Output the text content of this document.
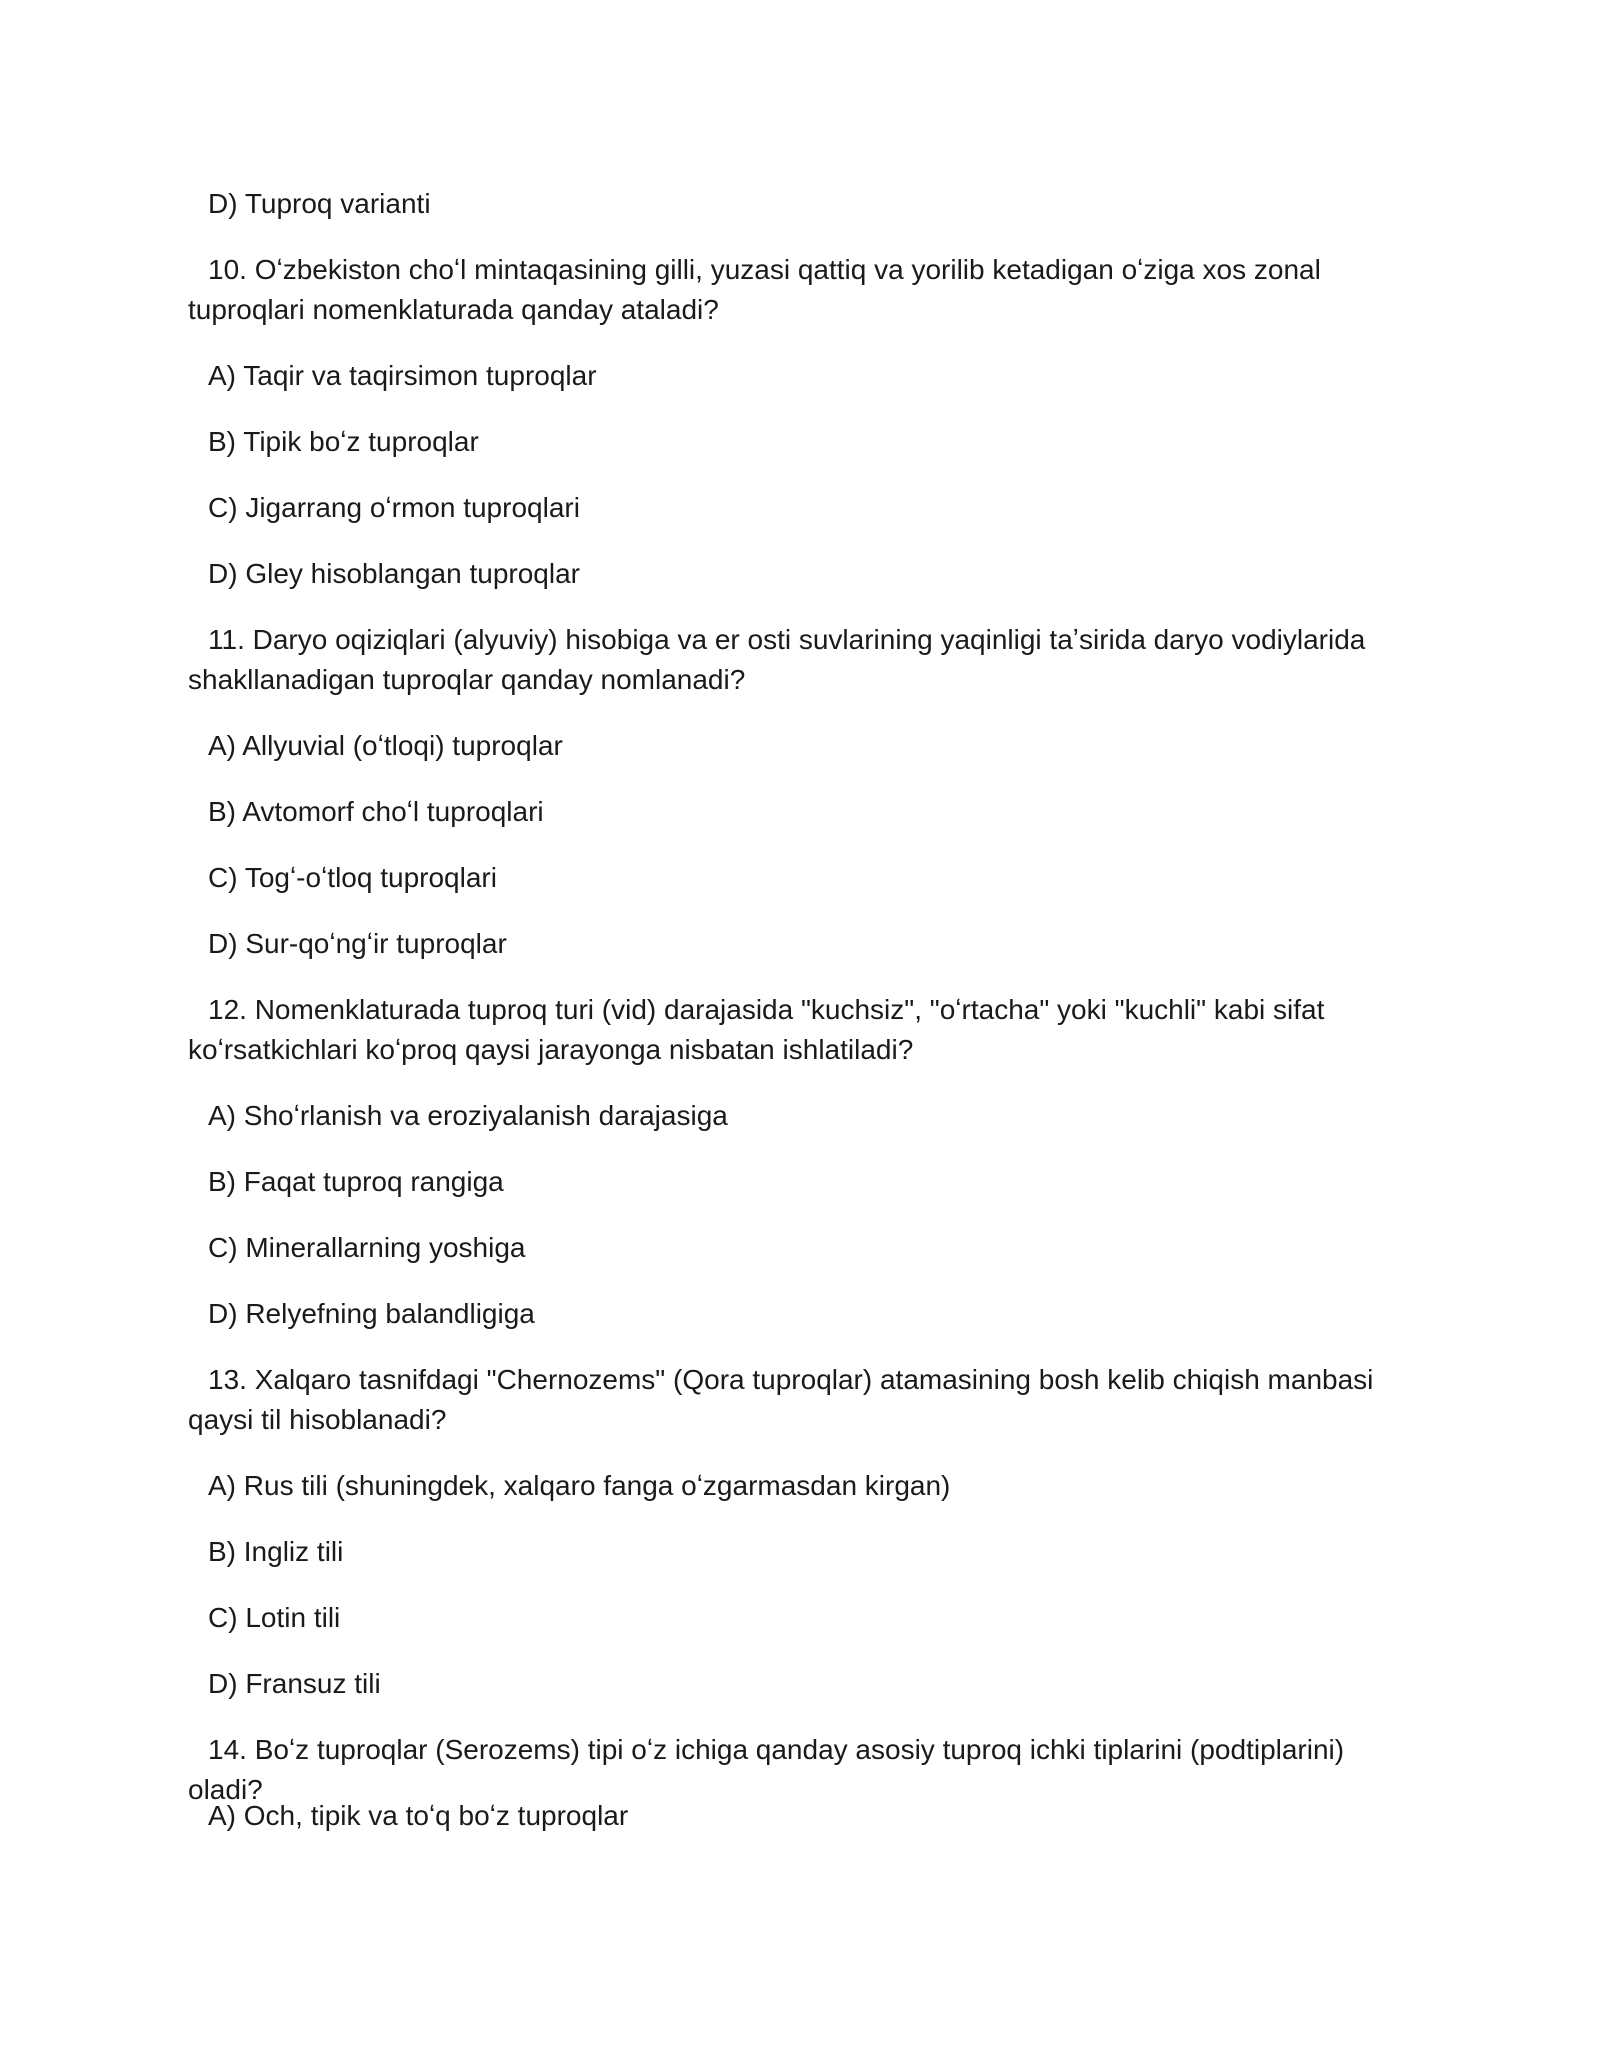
D) Tuproq varianti
10. Oʻzbekiston choʻl mintaqasining gilli, yuzasi qattiq va yorilib ketadigan oʻziga xos zonal tuproqlari nomenklaturada qanday ataladi?
A) Taqir va taqirsimon tuproqlar
B) Tipik boʻz tuproqlar
C) Jigarrang oʻrmon tuproqlari
D) Gley hisoblangan tuproqlar
11. Daryo oqiziqlari (alyuviy) hisobiga va er osti suvlarining yaqinligi taʼsirida daryo vodiylarida shakllanadigan tuproqlar qanday nomlanadi?
A) Allyuvial (oʻtloqi) tuproqlar
B) Avtomorf choʻl tuproqlari
C) Togʻ-oʻtloq tuproqlari
D) Sur-qoʻngʻir tuproqlar
12. Nomenklaturada tuproq turi (vid) darajasida "kuchsiz", "oʻrtacha" yoki "kuchli" kabi sifat koʻrsatkichlari koʻproq qaysi jarayonga nisbatan ishlatiladi?
A) Shoʻrlanish va eroziyalanish darajasiga
B) Faqat tuproq rangiga
C) Minerallarning yoshiga
D) Relyefning balandligiga
13. Xalqaro tasnifdagi "Chernozems" (Qora tuproqlar) atamasining bosh kelib chiqish manbasi qaysi til hisoblanadi?
A) Rus tili (shuningdek, xalqaro fanga oʻzgarmasdan kirgan)
B) Ingliz tili
C) Lotin tili
D) Fransuz tili
14. Boʻz tuproqlar (Serozems) tipi oʻz ichiga qanday asosiy tuproq ichki tiplarini (podtiplarini) oladi?
A) Och, tipik va toʻq boʻz tuproqlar
